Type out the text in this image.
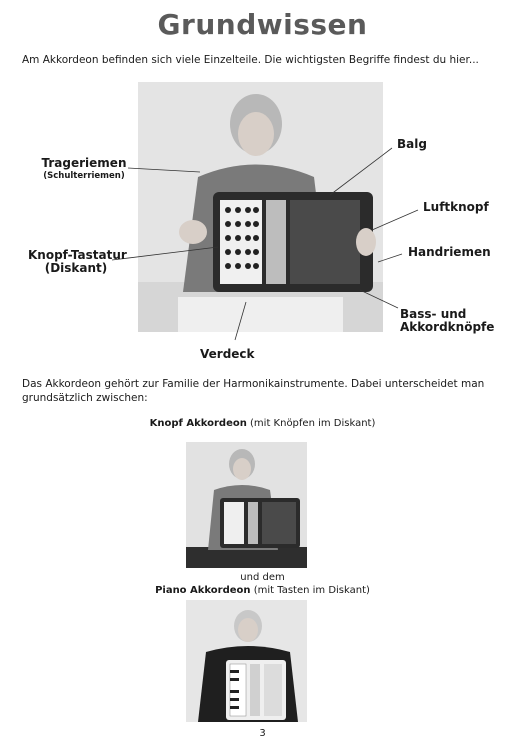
Grundwissen
Am Akkordeon befinden sich viele Einzelteile. Die wichtigsten Begriffe findest du hier...
Trageriemen
(Schulterriemen)
Knopf-Tastatur
(Diskant)
Verdeck
Balg
Luftknopf
Handriemen
Bass- und
Akkordknöpfe
Das Akkordeon gehört zur Familie der Harmonikainstrumente. Dabei unterscheidet man grundsätzlich zwischen:
Knopf Akkordeon (mit Knöpfen im Diskant)
und dem
Piano Akkordeon (mit Tasten im Diskant)
3
